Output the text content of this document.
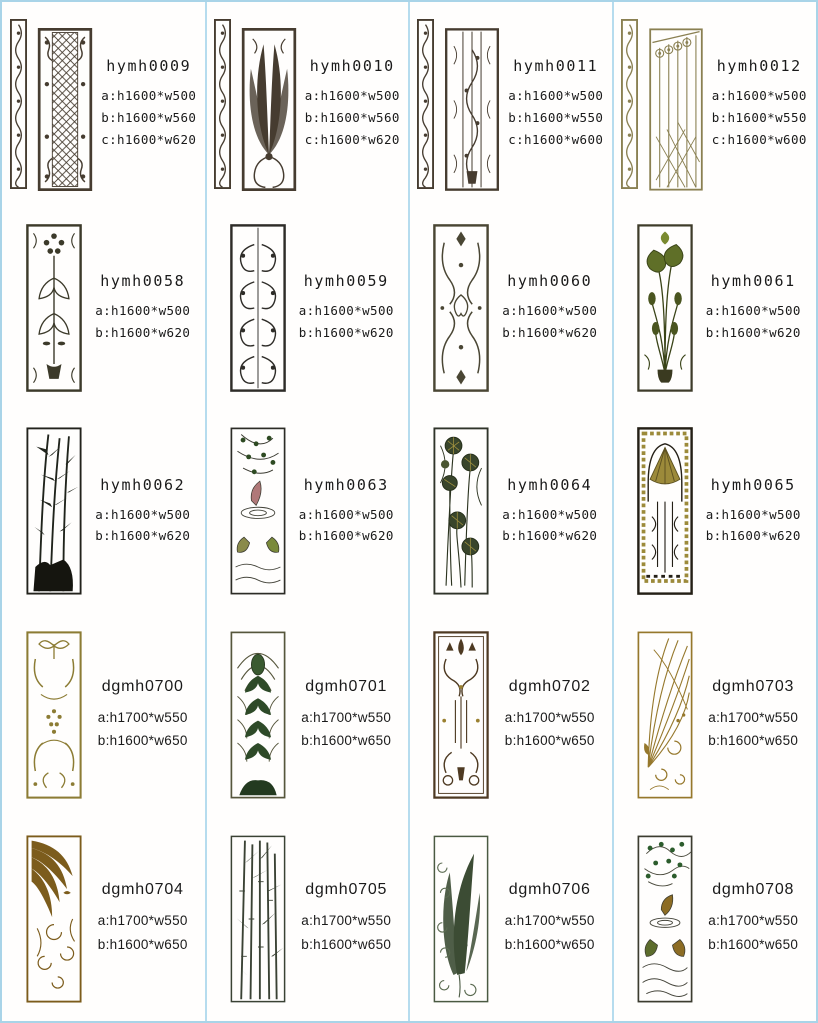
hymh0009
a:h1600*w500
b:h1600*w560
c:h1600*w620
hymh0010
a:h1600*w500
b:h1600*w560
c:h1600*w620
hymh0011
a:h1600*w500
b:h1600*w550
c:h1600*w600
hymh0012
a:h1600*w500
b:h1600*w550
c:h1600*w600
hymh0058
a:h1600*w500
b:h1600*w620
hymh0059
a:h1600*w500
b:h1600*w620
hymh0060
a:h1600*w500
b:h1600*w620
hymh0061
a:h1600*w500
b:h1600*w620
hymh0062
a:h1600*w500
b:h1600*w620
hymh0063
a:h1600*w500
b:h1600*w620
hymh0064
a:h1600*w500
b:h1600*w620
hymh0065
a:h1600*w500
b:h1600*w620
dgmh0700
a:h1700*w550
b:h1600*w650
dgmh0701
a:h1700*w550
b:h1600*w650
dgmh0702
a:h1700*w550
b:h1600*w650
dgmh0703
a:h1700*w550
b:h1600*w650
dgmh0704
a:h1700*w550
b:h1600*w650
dgmh0705
a:h1700*w550
b:h1600*w650
dgmh0706
a:h1700*w550
b:h1600*w650
dgmh0708
a:h1700*w550
b:h1600*w650
